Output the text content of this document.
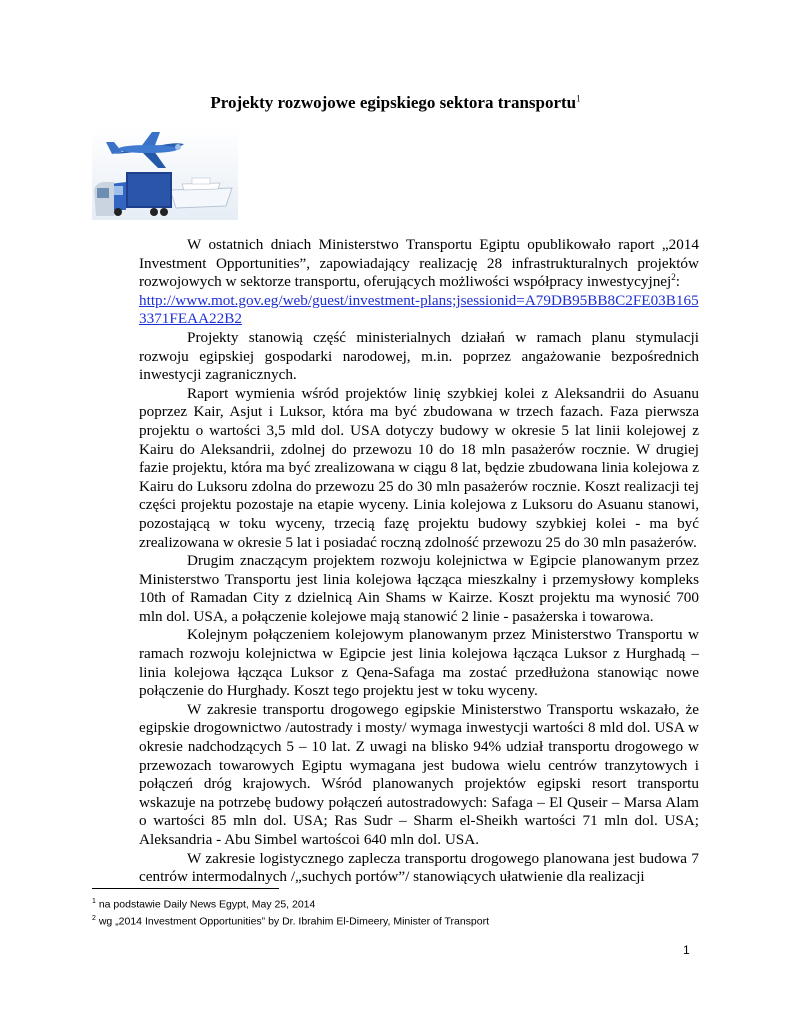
Projekty rozwojowe egipskiego sektora transportu$^1$

W ostatnich dniach Ministerstwo Transportu Egiptu opublikowało raport „2014 Investment Opportunities”, zapowiadający realizację 28 infrastrukturalnych projektów rozwojowych w sektorze transportu, oferujących możliwości współpracy inwestycyjnej$^2$:
http://www.mot.gov.eg/web/guest/investment-plans;jsessionid=A79DB95BB8C2FE03B1653371FEAA22B2

Projekty stanowią część ministerialnych działań w ramach planu stymulacji rozwoju egipskiej gospodarki narodowej, m.in. poprzez angażowanie bezpośrednich inwestycji zagranicznych.

Raport wymienia wśród projektów linię szybkiej kolei z Aleksandrii do Asuanu poprzez Kair, Asjut i Luksor, która ma być zbudowana w trzech fazach. Faza pierwsza projektu o wartości 3,5 mld dol. USA dotyczy budowy w okresie 5 lat linii kolejowej z Kairu do Aleksandrii, zdolnej do przewozu 10 do 18 mln pasażerów rocznie. W drugiej fazie projektu, która ma być zrealizowana w ciągu 8 lat, będzie zbudowana linia kolejowa z Kairu do Luksoru zdolna do przewozu 25 do 30 mln pasażerów rocznie. Koszt realizacji tej części projektu pozostaje na etapie wyceny. Linia kolejowa z Luksoru do Asuanu stanowi, pozostającą w toku wyceny, trzecią fazę projektu budowy szybkiej kolei - ma być zrealizowana w okresie 5 lat i posiadać roczną zdolność przewozu 25 do 30 mln pasażerów.

Drugim znaczącym projektem rozwoju kolejnictwa w Egipcie planowanym przez Ministerstwo Transportu jest linia kolejowa łącząca mieszkalny i przemysłowy kompleks 10th of Ramadan City z dzielnicą Ain Shams w Kairze. Koszt projektu ma wynosić 700 mln dol. USA, a połączenie kolejowe mają stanowić 2 linie - pasażerska i towarowa.

Kolejnym połączeniem kolejowym planowanym przez Ministerstwo Transportu w ramach rozwoju kolejnictwa w Egipcie jest linia kolejowa łącząca Luksor z Hurghadą – linia kolejowa łącząca Luksor z Qena-Safaga ma zostać przedłużona stanowiąc nowe połączenie do Hurghady. Koszt tego projektu jest w toku wyceny.

W zakresie transportu drogowego egipskie Ministerstwo Transportu wskazało, że egipskie drogownictwo /autostrady i mosty/ wymaga inwestycji wartości 8 mld dol. USA w okresie nadchodzących 5 – 10 lat. Z uwagi na blisko 94% udział transportu drogowego w przewozach towarowych Egiptu wymagana jest budowa wielu centrów tranzytowych i połączeń dróg krajowych. Wśród planowanych projektów egipski resort transportu wskazuje na potrzebę budowy połączeń autostradowych: Safaga – El Quseir – Marsa Alam o wartości 85 mln dol. USA; Ras Sudr – Sharm el-Sheikh wartości 71 mln dol. USA; Aleksandria - Abu Simbel wartoścoi 640 mln dol. USA.

W zakresie logistycznego zaplecza transportu drogowego planowana jest budowa 7 centrów intermodalnych /„suchych portów”/ stanowiących ułatwienie dla realizacji

$^1$ na podstawie Daily News Egypt, May 25, 2014
$^2$ wg „2014 Investment Opportunities” by Dr. Ibrahim El-Dimeery, Minister of Transport
1
